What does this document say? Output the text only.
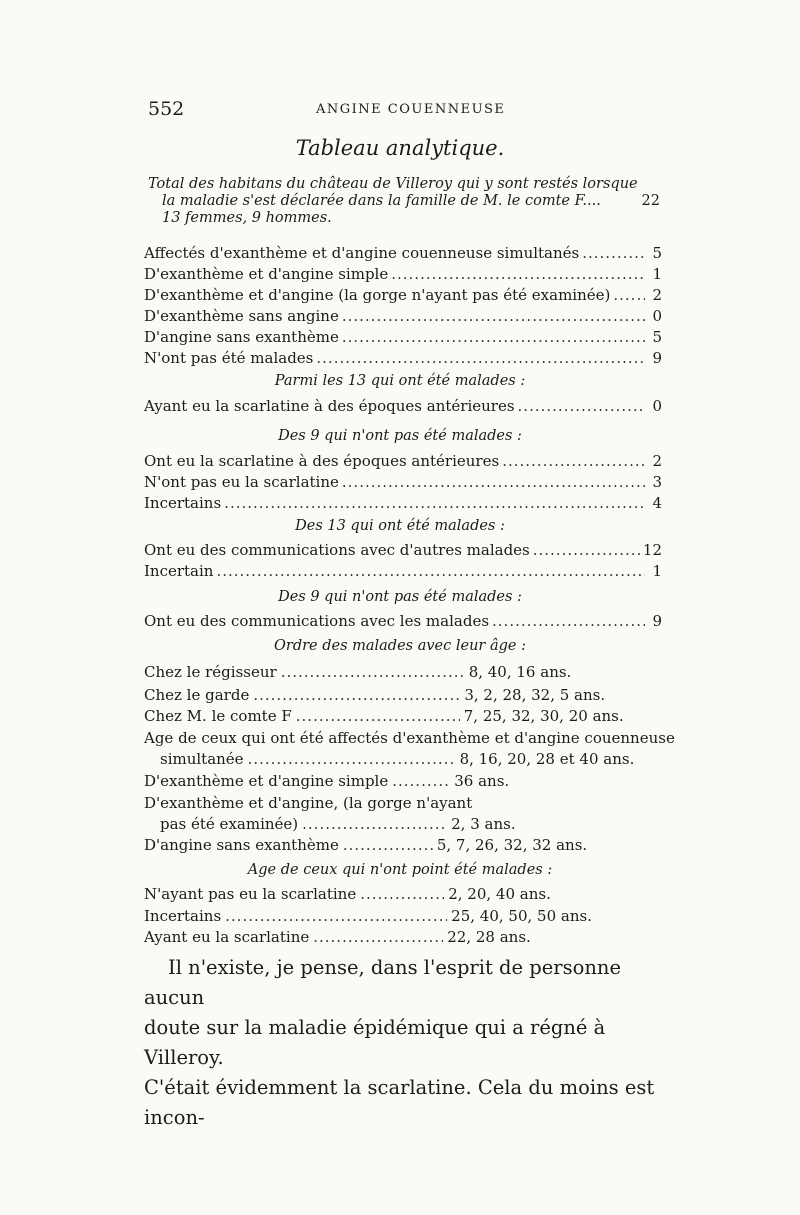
552	ANGINE COUENNEUSE
Tableau analytique.
Total des habitans du château de Villeroy qui y sont restés lorsque
la maladie s'est déclarée dans la famille de M. le comte F....	22
13 femmes, 9 hommes.
Affectés d'exanthème et d'angine couenneuse simultanés .....	5
D'exanthème et d'angine simple .....	1
D'exanthème et d'angine (la gorge n'ayant pas été examinée) .....	2
D'exanthème sans angine .....	0
D'angine sans exanthème .....	5
N'ont pas été malades .....	9
Parmi les 13 qui ont été malades :
Ayant eu la scarlatine à des époques antérieures .....	0
Des 9 qui n'ont pas été malades :
Ont eu la scarlatine à des époques antérieures .....	2
N'ont pas eu la scarlatine .....	3
Incertains .....	4
Des 13 qui ont été malades :
Ont eu des communications avec d'autres malades .....	12
Incertain .....	1
Des 9 qui n'ont pas été malades :
Ont eu des communications avec les malades .....	9
Ordre des malades avec leur âge :
Chez le régisseur .....	8, 40, 16 ans.
Chez le garde .....	3, 2, 28, 32, 5 ans.
Chez M. le comte F .....	7, 25, 32, 30, 20 ans.
Age de ceux qui ont été affectés d'exanthème et d'angine couenneuse
simultanée .....	8, 16, 20, 28 et 40 ans.
D'exanthème et d'angine simple .....	36 ans.
D'exanthème et d'angine, (la gorge n'ayant
pas été examinée) .....	2, 3 ans.
D'angine sans exanthème .....	5, 7, 26, 32, 32 ans.
Age de ceux qui n'ont point été malades :
N'ayant pas eu la scarlatine .....	2, 20, 40 ans.
Incertains .....	25, 40, 50, 50 ans.
Ayant eu la scarlatine .....	22, 28 ans.
Il n'existe, je pense, dans l'esprit de personne aucun
doute sur la maladie épidémique qui a régné à Villeroy.
C'était évidemment la scarlatine. Cela du moins est incon-
